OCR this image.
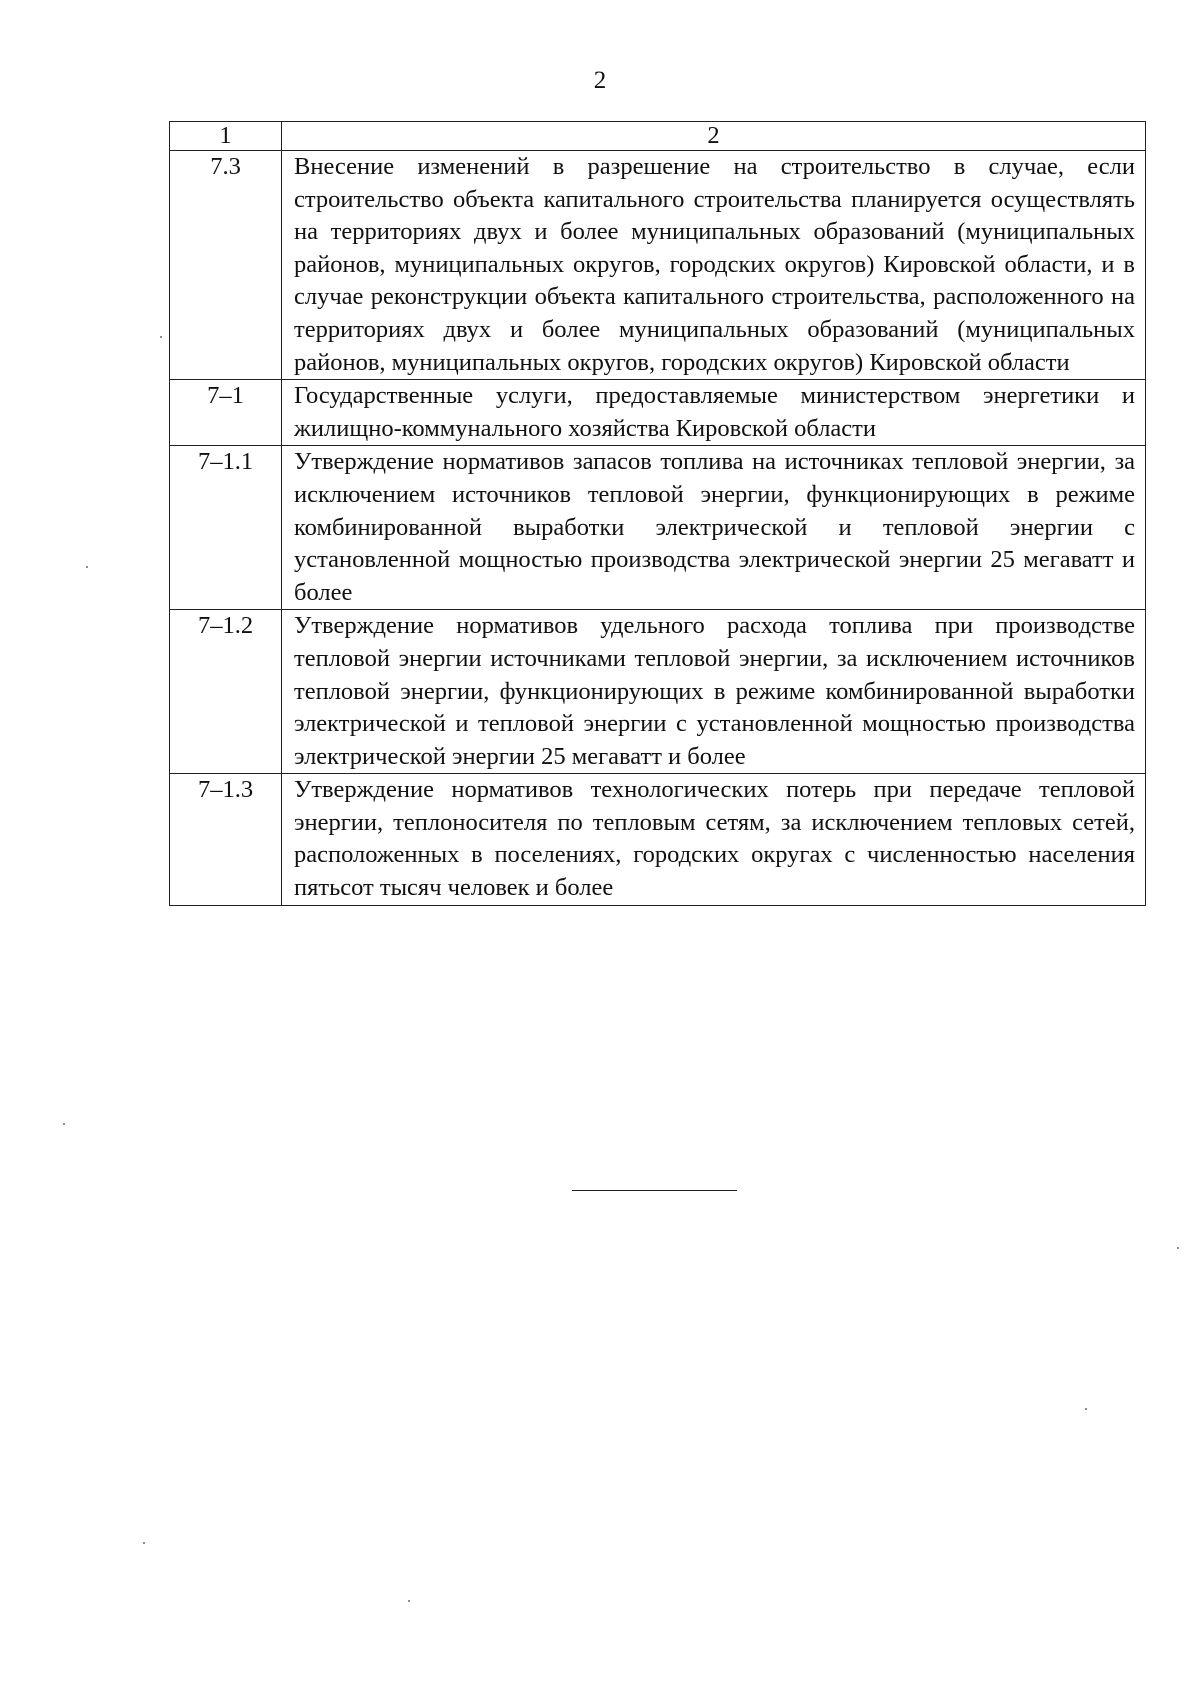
2
1	2
7.3	Внесение изменений в разрешение на строительство в случае, если строительство объекта капитального строительства планируется осуществлять на территориях двух и более муниципальных образований (муниципальных районов, муниципальных округов, городских округов) Кировской области, и в случае реконструкции объекта капитального строительства, расположенного на территориях двух и более муниципальных образований (муниципальных районов, муниципальных округов, городских округов) Кировской области
7–1	Государственные услуги, предоставляемые министерством энергетики и жилищно-коммунального хозяйства Кировской области
7–1.1	Утверждение нормативов запасов топлива на источниках тепловой энергии, за исключением источников тепловой энергии, функционирующих в режиме комбинированной выработки электрической и тепловой энергии с установленной мощностью производства электрической энергии 25 мегаватт и более
7–1.2	Утверждение нормативов удельного расхода топлива при производстве тепловой энергии источниками тепловой энергии, за исключением источников тепловой энергии, функционирующих в режиме комбинированной выработки электрической и тепловой энергии с установленной мощностью производства электрической энергии 25 мегаватт и более
7–1.3	Утверждение нормативов технологических потерь при передаче тепловой энергии, теплоносителя по тепловым сетям, за исключением тепловых сетей, расположенных в поселениях, городских округах с численностью населения пятьсот тысяч человек и более
